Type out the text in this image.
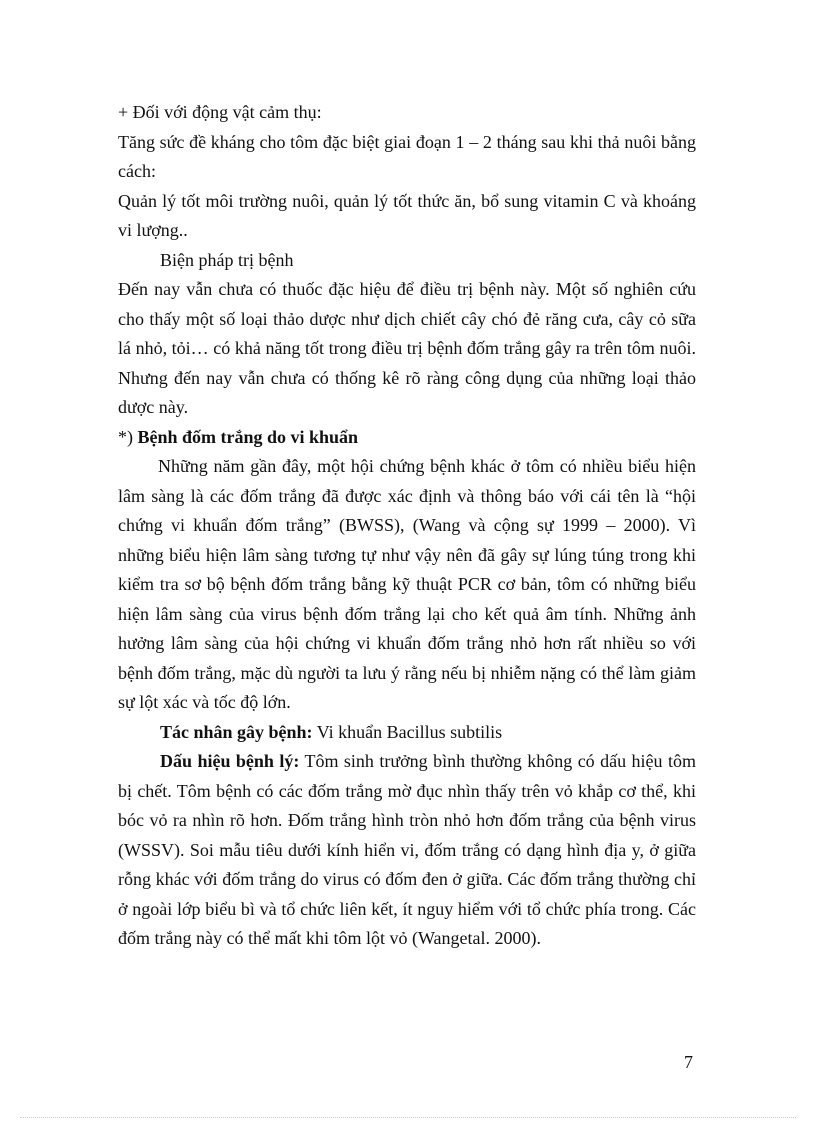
+ Đối với động vật cảm thụ:

Tăng sức đề kháng cho tôm đặc biệt giai đoạn 1 – 2 tháng sau khi thả nuôi bằng cách:

Quản lý tốt môi trường nuôi, quản lý tốt thức ăn, bổ sung vitamin C và khoáng vi lượng..

Biện pháp trị bệnh

Đến nay vẫn chưa có thuốc đặc hiệu để điều trị bệnh này. Một số nghiên cứu cho thấy một số loại thảo dược như dịch chiết cây chó đẻ răng cưa, cây cỏ sữa lá nhỏ, tỏi… có khả năng tốt trong điều trị bệnh đốm trắng gây ra trên tôm nuôi. Nhưng đến nay vẫn chưa có thống kê rõ ràng công dụng của những loại thảo dược này.

*) Bệnh đốm trắng do vi khuẩn

Những năm gần đây, một hội chứng bệnh khác ở tôm có nhiều biểu hiện lâm sàng là các đốm trắng đã được xác định và thông báo với cái tên là “hội chứng vi khuẩn đốm trắng” (BWSS), (Wang và cộng sự 1999 – 2000). Vì những biểu hiện lâm sàng tương tự như vậy nên đã gây sự lúng túng trong khi kiểm tra sơ bộ bệnh đốm trắng bằng kỹ thuật PCR cơ bản, tôm có những biểu hiện lâm sàng của virus bệnh đốm trắng lại cho kết quả âm tính. Những ảnh hưởng lâm sàng của hội chứng vi khuẩn đốm trắng nhỏ hơn rất nhiều so với bệnh đốm trắng, mặc dù người ta lưu ý rằng nếu bị nhiễm nặng có thể làm giảm sự lột xác và tốc độ lớn.

Tác nhân gây bệnh: Vi khuẩn Bacillus subtilis

Dấu hiệu bệnh lý: Tôm sinh trưởng bình thường không có dấu hiệu tôm bị chết. Tôm bệnh có các đốm trắng mờ đục nhìn thấy trên vỏ khắp cơ thể, khi bóc vỏ ra nhìn rõ hơn. Đốm trắng hình tròn nhỏ hơn đốm trắng của bệnh virus (WSSV). Soi mẫu tiêu dưới kính hiển vi, đốm trắng có dạng hình địa y, ở giữa rỗng khác với đốm trắng do virus có đốm đen ở giữa. Các đốm trắng thường chỉ ở ngoài lớp biểu bì và tổ chức liên kết, ít nguy hiểm với tổ chức phía trong. Các đốm trắng này có thể mất khi tôm lột vỏ (Wangetal. 2000).

7
